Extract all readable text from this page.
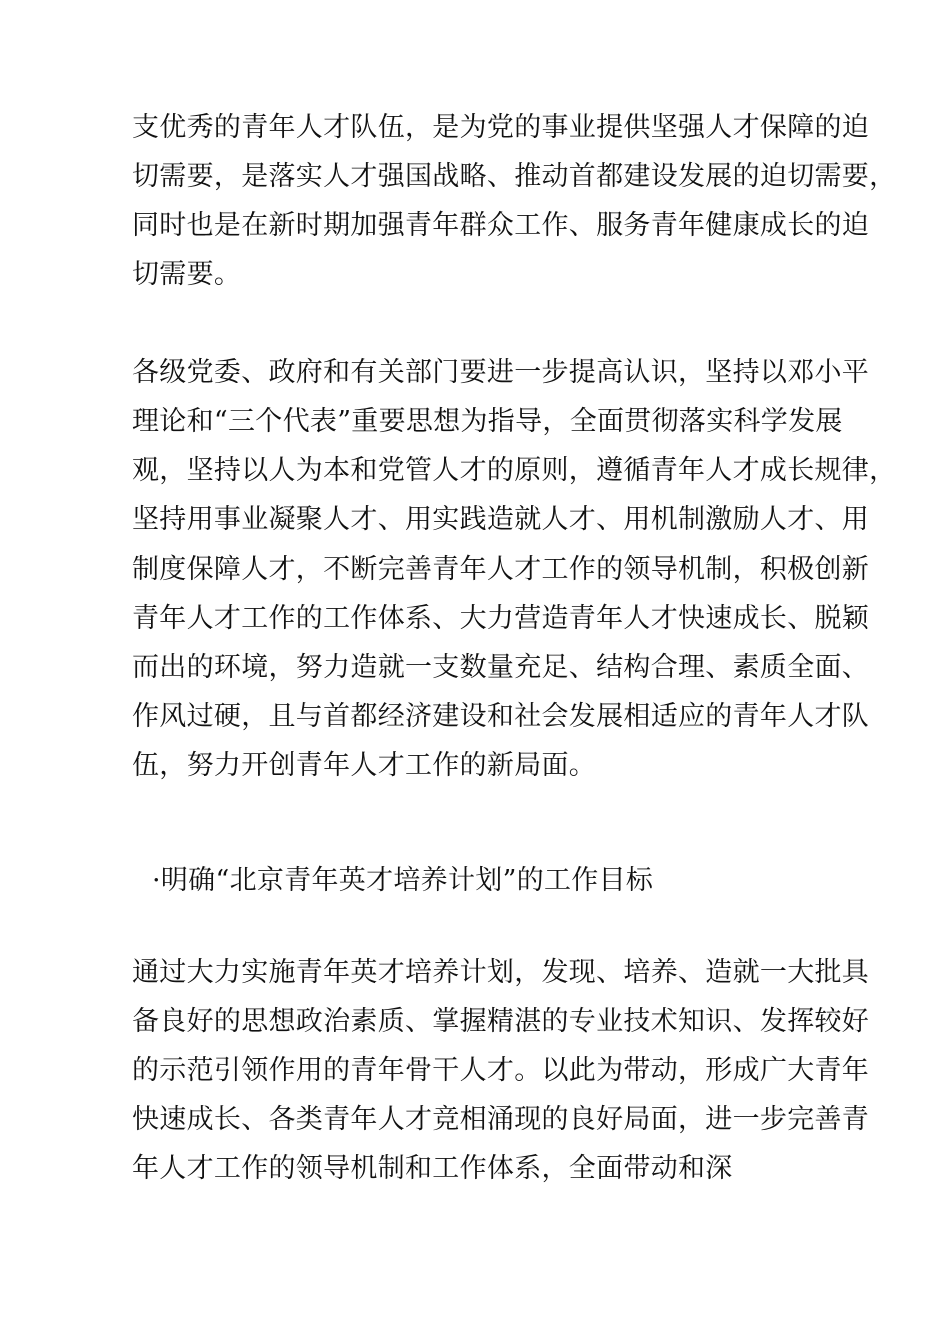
支优秀的青年人才队伍，是为党的事业提供坚强人才保障的迫

切需要，是落实人才强国战略、推动首都建设发展的迫切需要，

同时也是在新时期加强青年群众工作、服务青年健康成长的迫

切需要。

各级党委、政府和有关部门要进一步提高认识，坚持以邓小平

理论和“三个代表”重要思想为指导，全面贯彻落实科学发展

观，坚持以人为本和党管人才的原则，遵循青年人才成长规律，

坚持用事业凝聚人才、用实践造就人才、用机制激励人才、用

制度保障人才，不断完善青年人才工作的领导机制，积极创新

青年人才工作的工作体系、大力营造青年人才快速成长、脱颖

而出的环境，努力造就一支数量充足、结构合理、素质全面、

作风过硬，且与首都经济建设和社会发展相适应的青年人才队

伍，努力开创青年人才工作的新局面。

·明确“北京青年英才培养计划”的工作目标

通过大力实施青年英才培养计划，发现、培养、造就一大批具

备良好的思想政治素质、掌握精湛的专业技术知识、发挥较好

的示范引领作用的青年骨干人才。以此为带动，形成广大青年

快速成长、各类青年人才竞相涌现的良好局面，进一步完善青

年人才工作的领导机制和工作体系，全面带动和深
